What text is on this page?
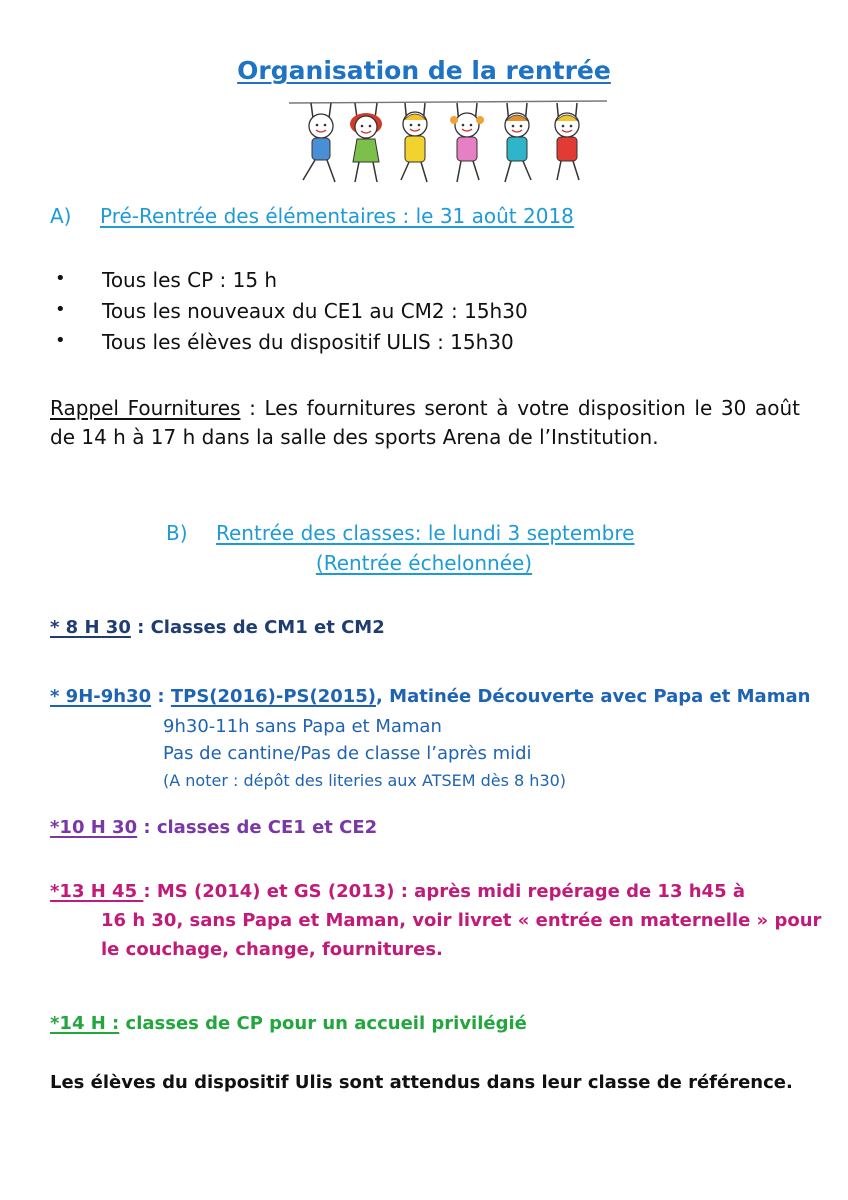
Organisation de la rentrée
A) Pré-Rentrée des élémentaires : le 31 août 2018
• Tous les CP : 15 h
• Tous les nouveaux du CE1 au CM2 : 15h30
• Tous les élèves du dispositif ULIS : 15h30
Rappel Fournitures : Les fournitures seront à votre disposition le 30 août de 14 h à 17 h dans la salle des sports Arena de l’Institution.
B) Rentrée des classes: le lundi 3 septembre
(Rentrée échelonnée)
* 8 H 30 : Classes de CM1 et CM2
* 9H-9h30 : TPS(2016)-PS(2015), Matinée Découverte avec Papa et Maman
9h30-11h sans Papa et Maman
Pas de cantine/Pas de classe l’après midi
(A noter : dépôt des literies aux ATSEM dès 8 h30)
*10 H 30 : classes de CE1 et CE2
*13 H 45 : MS (2014) et GS (2013) : après midi repérage de 13 h45 à
16 h 30, sans Papa et Maman, voir livret « entrée en maternelle » pour
le couchage, change, fournitures.
*14 H : classes de CP pour un accueil privilégié
Les élèves du dispositif Ulis sont attendus dans leur classe de référence.
